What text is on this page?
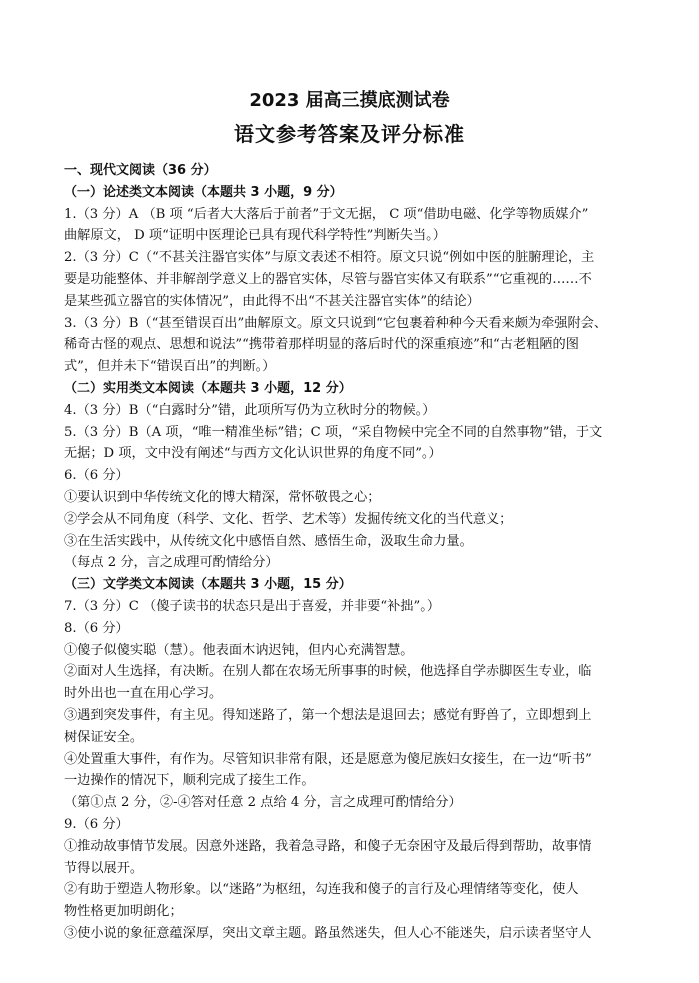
2023 届高三摸底测试卷
语文参考答案及评分标准
一、现代文阅读（36 分）
（一）论述类文本阅读（本题共 3 小题，9 分）
1.（3 分）A （B 项 “后者大大落后于前者”于文无据， C 项“借助电磁、化学等物质媒介”
曲解原文， D 项“证明中医理论已具有现代科学特性”判断失当。）
2.（3 分）C（“不甚关注器官实体”与原文表述不相符。原文只说“例如中医的脏腑理论，主
要是功能整体、并非解剖学意义上的器官实体，尽管与器官实体又有联系”“它重视的……不
是某些孤立器官的实体情况”，由此得不出“不甚关注器官实体”的结论）
3.（3 分）B（“甚至错误百出”曲解原文。原文只说到“它包裹着种种今天看来颇为牵强附会、
稀奇古怪的观点、思想和说法”“携带着那样明显的落后时代的深重痕迹”和“古老粗陋的图
式”，但并未下“错误百出”的判断。）
（二）实用类文本阅读（本题共 3 小题，12 分）
4.（3 分）B（“白露时分”错，此项所写仍为立秋时分的物候。）
5.（3 分）B（A 项，“唯一精准坐标”错；C 项，“采自物候中完全不同的自然事物”错，于文
无据；D 项，文中没有阐述“与西方文化认识世界的角度不同”。）
6.（6 分）
①要认识到中华传统文化的博大精深，常怀敬畏之心；
②学会从不同角度（科学、文化、哲学、艺术等）发掘传统文化的当代意义；
③在生活实践中，从传统文化中感悟自然、感悟生命，汲取生命力量。
（每点 2 分，言之成理可酌情给分）
（三）文学类文本阅读（本题共 3 小题，15 分）
7.（3 分）C （傻子读书的状态只是出于喜爱，并非要“补拙”。）
8.（6 分）
①傻子似傻实聪（慧）。他表面木讷迟钝，但内心充满智慧。
②面对人生选择，有决断。在别人都在农场无所事事的时候，他选择自学赤脚医生专业，临
时外出也一直在用心学习。
③遇到突发事件，有主见。得知迷路了，第一个想法是退回去；感觉有野兽了，立即想到上
树保证安全。
④处置重大事件，有作为。尽管知识非常有限，还是愿意为傻尼族妇女接生，在一边“听书”
一边操作的情况下，顺利完成了接生工作。
（第①点 2 分，②-④答对任意 2 点给 4 分，言之成理可酌情给分）
9.（6 分）
①推动故事情节发展。因意外迷路，我着急寻路，和傻子无奈困守及最后得到帮助，故事情
节得以展开。
②有助于塑造人物形象。以“迷路”为枢纽，勾连我和傻子的言行及心理情绪等变化，使人
物性格更加明朗化；
③使小说的象征意蕴深厚，突出文章主题。路虽然迷失，但人心不能迷失，启示读者坚守人
